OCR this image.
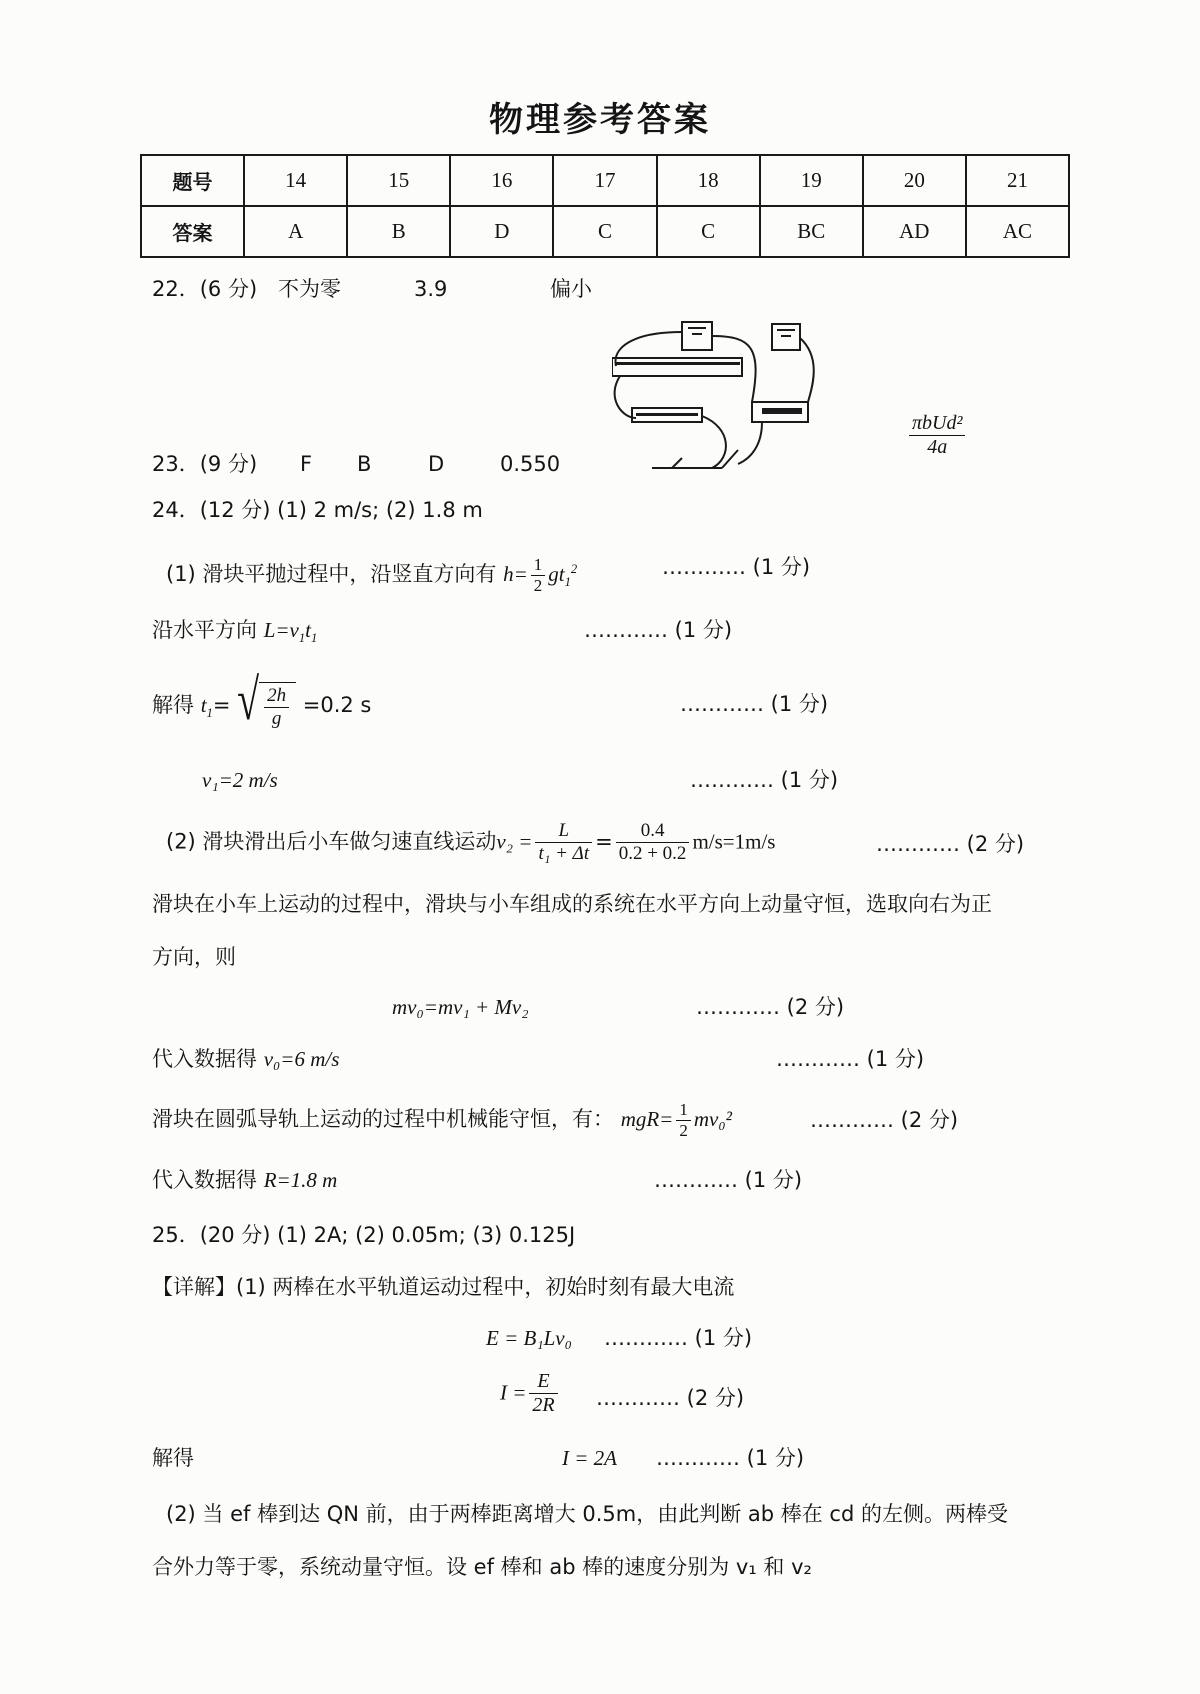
物理参考答案
题号	14	15	16	17	18	19	20	21
答案	A	B	D	C	C	BC	AD	AC
22．(6 分) 不为零	3.9	偏小
23．(9 分) F B	D	0.550
$\frac{\text{πbUd²}}{4a}$
24．(12 分) (1) 2 m/s; (2) 1.8 m
(1) 滑块平抛过程中，沿竖直方向有 $h= \frac{1}{2} gt_1^2$	………… (1 分)
沿水平方向 $L=v_1t_1$	………… (1 分)
解得 $t_1=$ √ $\frac{2h}{g} =0.2$ s	………… (1 分)
v₁=2 m/s	………… (1 分)
(2) 滑块滑出后小车做匀速直线运动$v_2 = \frac{L}{\text{t₁ + Δt}} = \frac{0.4}{0.2 + 0.2} m/s=1m/s$	………… (2 分)
滑块在小车上运动的过程中，滑块与小车组成的系统在水平方向上动量守恒，选取向右为正
方向，则
mv₀=mv₁ + Mv₂	………… (2 分)
代入数据得 v₀=6 m/s	………… (1 分)
滑块在圆弧导轨上运动的过程中机械能守恒，有： $mgR= \frac{1}{2} mv_0^2$	………… (2 分)
代入数据得 R=1.8 m	………… (1 分)
25．(20 分) (1) 2A; (2) 0.05m; (3) 0.125J
【详解】(1) 两棒在水平轨道运动过程中，初始时刻有最大电流
E = B₁Lv₀ ………… (1 分)
$I = \frac{E}{2R}$ ………… (2 分)
解得	I = 2A ………… (1 分)
(2) 当 ef 棒到达 QN 前，由于两棒距离增大 0.5m，由此判断 ab 棒在 cd 的左侧。两棒受
合外力等于零，系统动量守恒。设 ef 棒和 ab 棒的速度分别为 v₁ 和 v₂
